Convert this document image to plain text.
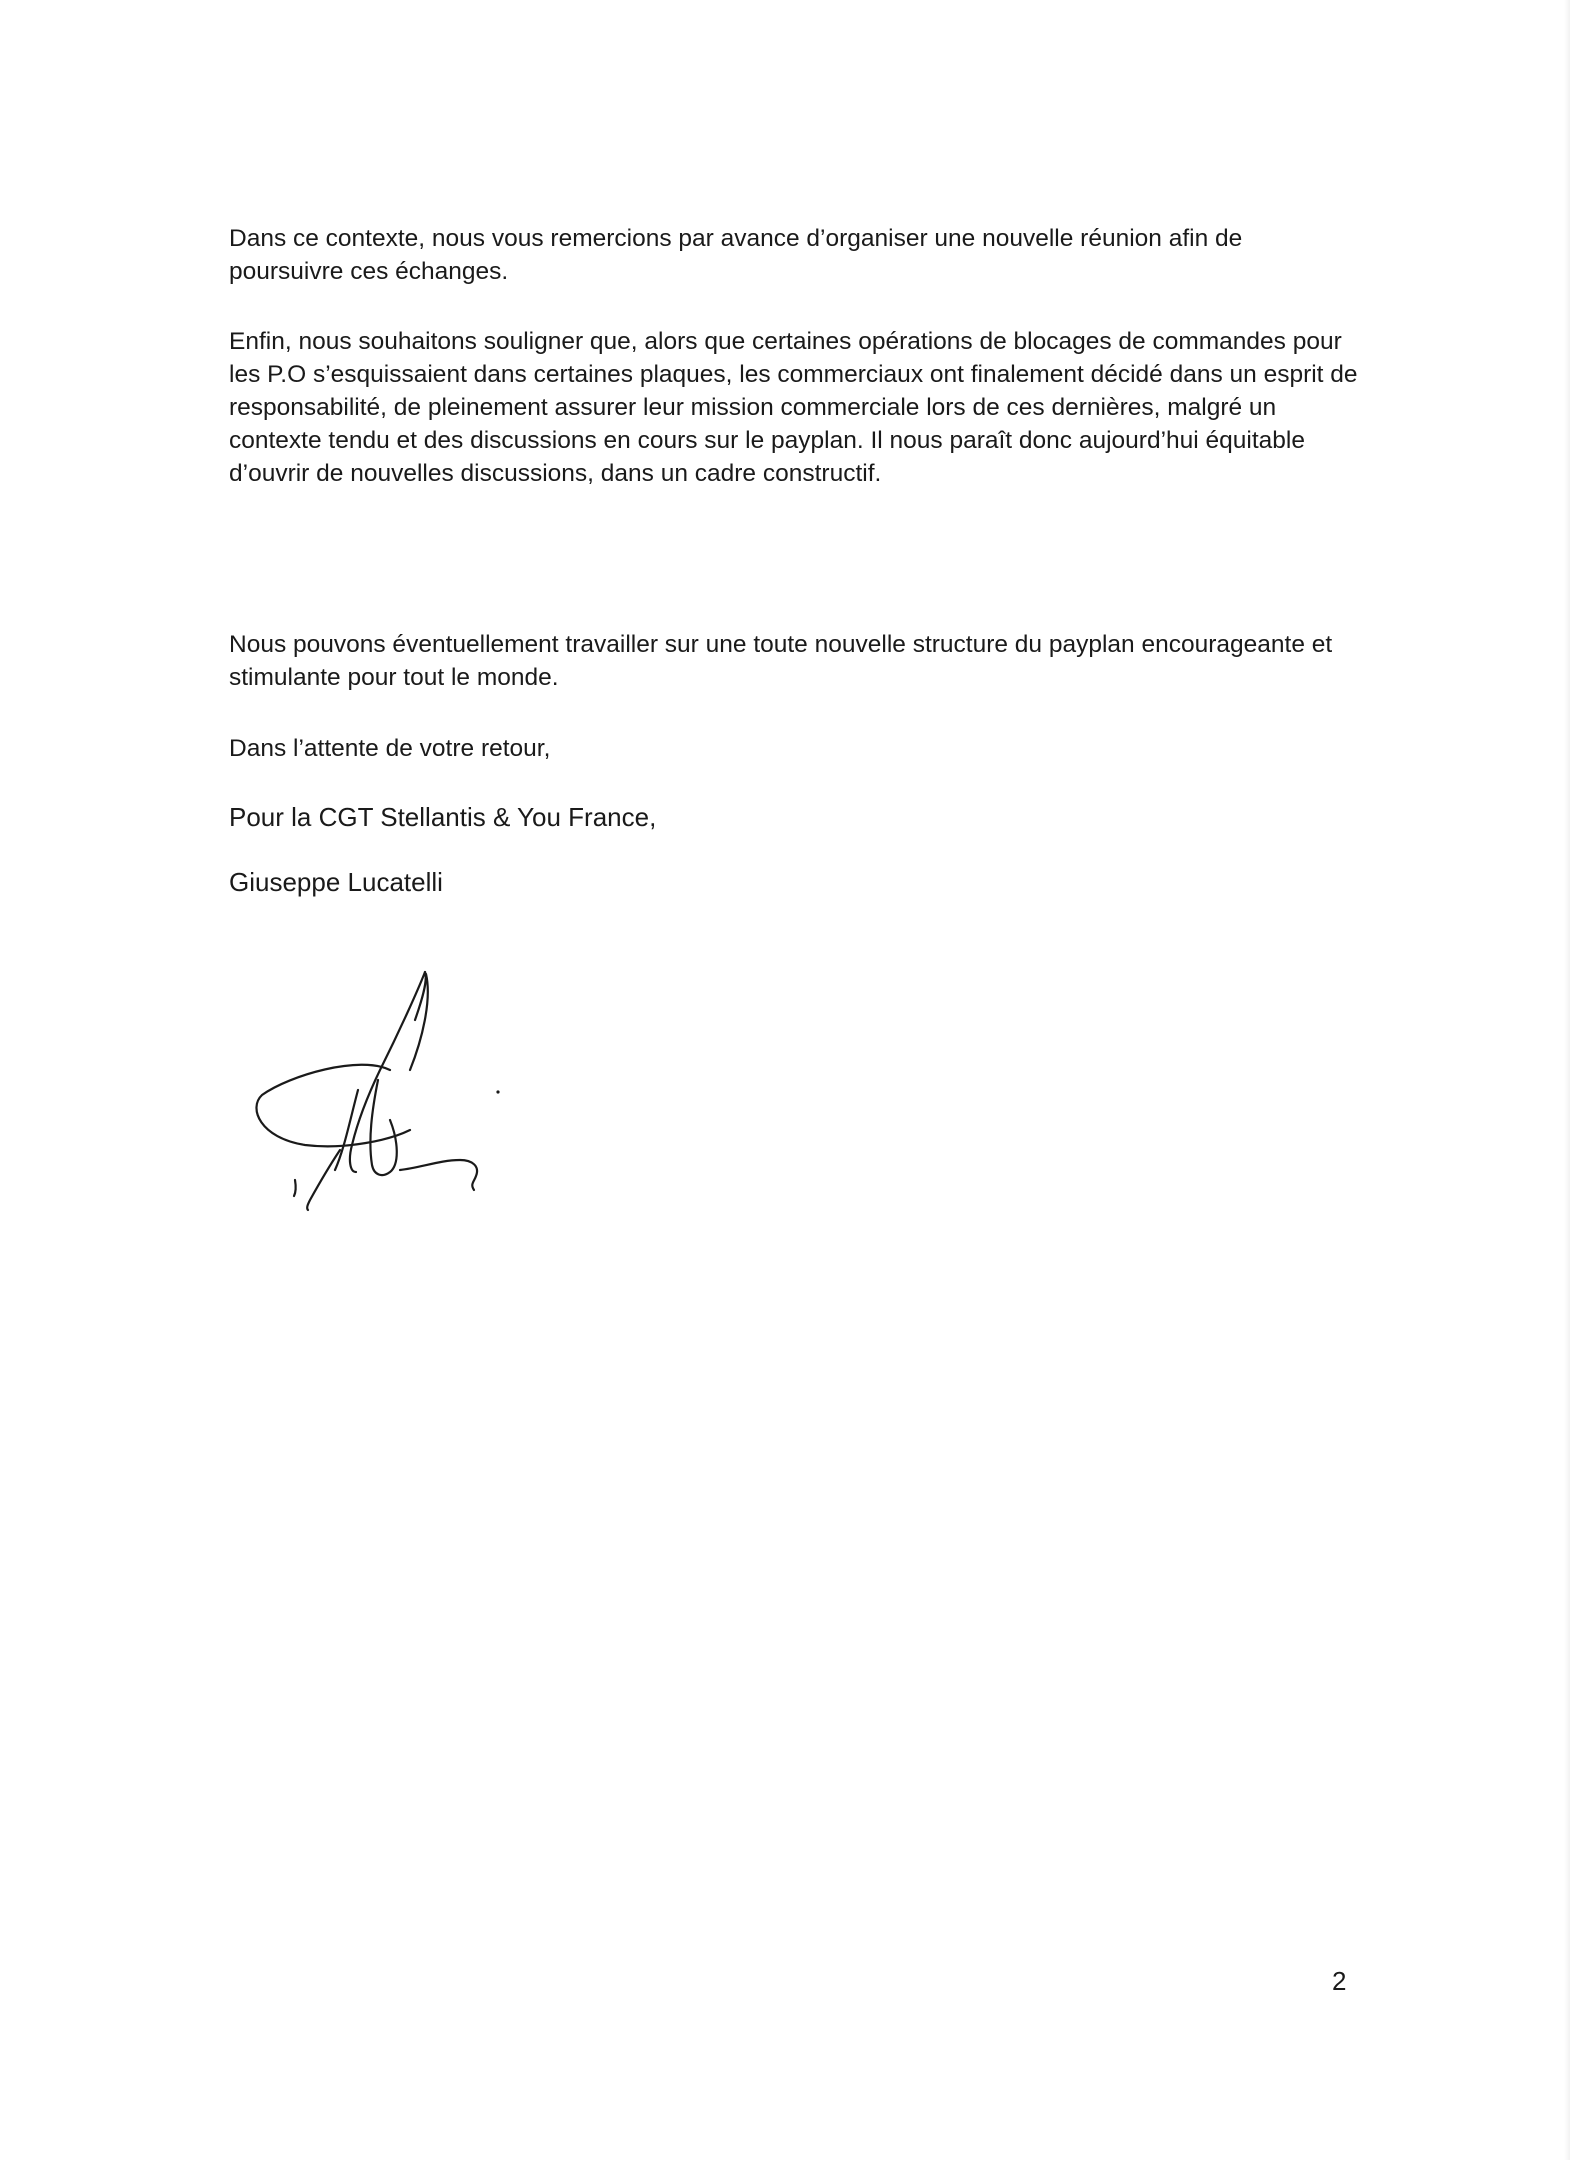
Dans ce contexte, nous vous remercions par avance d’organiser une nouvelle réunion afin de poursuivre ces échanges.

Enfin, nous souhaitons souligner que, alors que certaines opérations de blocages de commandes pour les P.O s’esquissaient dans certaines plaques, les commerciaux ont finalement décidé dans un esprit de responsabilité, de pleinement assurer leur mission commerciale lors de ces dernières, malgré un contexte tendu et des discussions en cours sur le payplan. Il nous paraît donc aujourd’hui équitable d’ouvrir de nouvelles discussions, dans un cadre constructif.

Nous pouvons éventuellement travailler sur une toute nouvelle structure du payplan encourageante et stimulante pour tout le monde.

Dans l’attente de votre retour,

Pour la CGT Stellantis & You France,

Giuseppe Lucatelli

2
